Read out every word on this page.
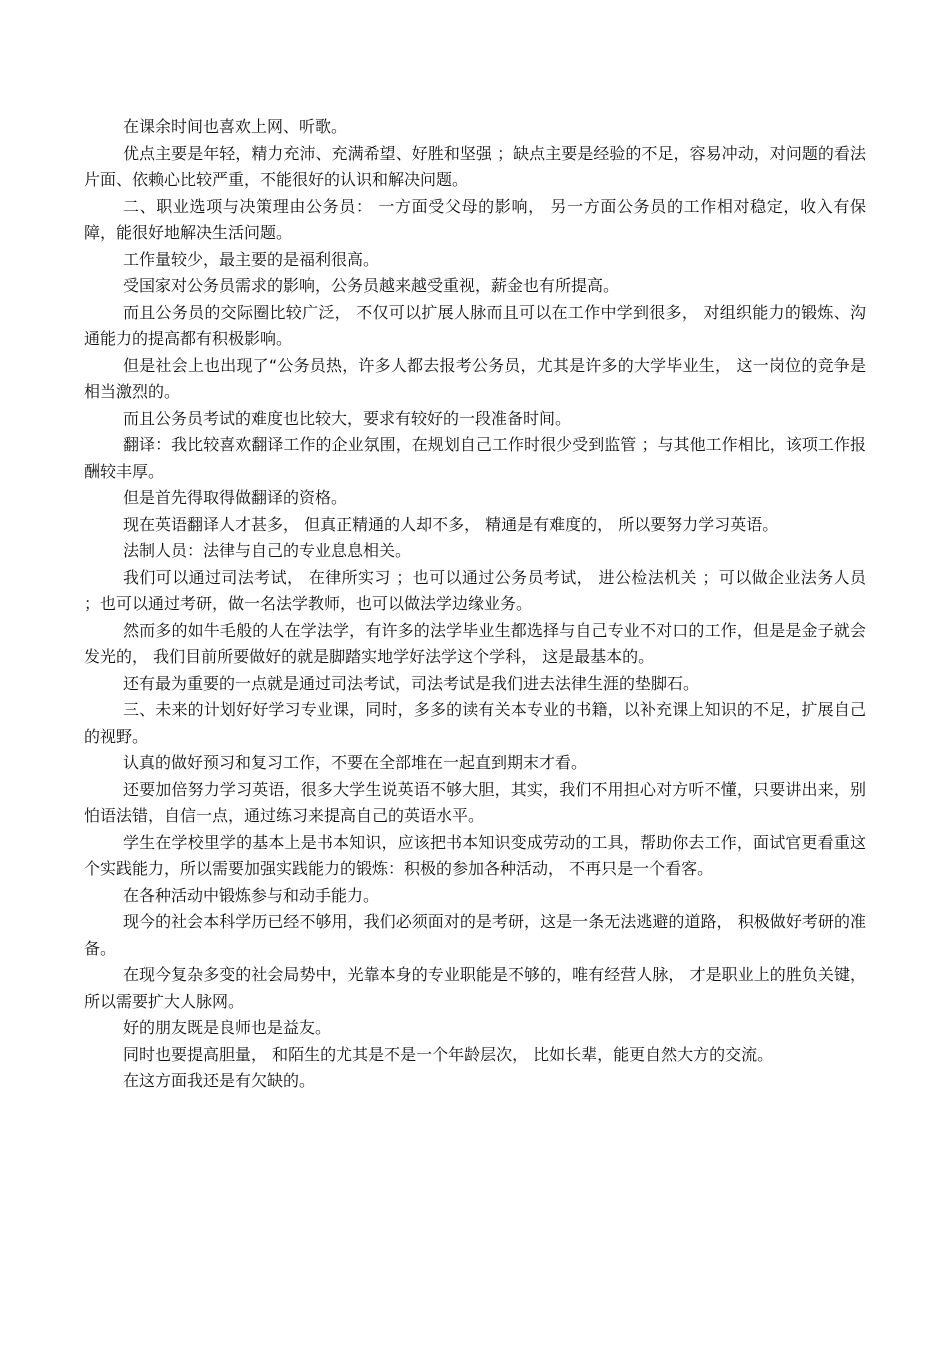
在课余时间也喜欢上网、听歌。

优点主要是年轻，精力充沛、充满希望、好胜和坚强 ；缺点主要是经验的不足，容易冲动，对问题的看法片面、依赖心比较严重，不能很好的认识和解决问题。

二、职业选项与决策理由公务员： 一方面受父母的影响， 另一方面公务员的工作相对稳定，收入有保障，能很好地解决生活问题。

工作量较少，最主要的是福利很高。

受国家对公务员需求的影响，公务员越来越受重视，薪金也有所提高。

而且公务员的交际圈比较广泛， 不仅可以扩展人脉而且可以在工作中学到很多， 对组织能力的锻炼、沟通能力的提高都有积极影响。

但是社会上也出现了“公务员热，许多人都去报考公务员，尤其是许多的大学毕业生， 这一岗位的竞争是相当激烈的。

而且公务员考试的难度也比较大，要求有较好的一段准备时间。

翻译：我比较喜欢翻译工作的企业氛围，在规划自己工作时很少受到监管 ；与其他工作相比，该项工作报酬较丰厚。

但是首先得取得做翻译的资格。

现在英语翻译人才甚多， 但真正精通的人却不多， 精通是有难度的， 所以要努力学习英语。

法制人员：法律与自己的专业息息相关。

我们可以通过司法考试， 在律所实习 ；也可以通过公务员考试， 进公检法机关 ；可以做企业法务人员 ；也可以通过考研，做一名法学教师，也可以做法学边缘业务。

然而多的如牛毛般的人在学法学，有许多的法学毕业生都选择与自己专业不对口的工作，但是是金子就会发光的， 我们目前所要做好的就是脚踏实地学好法学这个学科， 这是最基本的。

还有最为重要的一点就是通过司法考试，司法考试是我们进去法律生涯的垫脚石。

三、未来的计划好好学习专业课，同时，多多的读有关本专业的书籍，以补充课上知识的不足，扩展自己的视野。

认真的做好预习和复习工作，不要在全部堆在一起直到期末才看。

还要加倍努力学习英语，很多大学生说英语不够大胆，其实，我们不用担心对方听不懂，只要讲出来，别怕语法错，自信一点，通过练习来提高自己的英语水平。

学生在学校里学的基本上是书本知识，应该把书本知识变成劳动的工具，帮助你去工作，面试官更看重这个实践能力，所以需要加强实践能力的锻炼：积极的参加各种活动， 不再只是一个看客。

在各种活动中锻炼参与和动手能力。

现今的社会本科学历已经不够用，我们必须面对的是考研，这是一条无法逃避的道路， 积极做好考研的准备。

在现今复杂多变的社会局势中，光靠本身的专业职能是不够的，唯有经营人脉， 才是职业上的胜负关键，所以需要扩大人脉网。

好的朋友既是良师也是益友。

同时也要提高胆量， 和陌生的尤其是不是一个年龄层次， 比如长辈，能更自然大方的交流。

在这方面我还是有欠缺的。
